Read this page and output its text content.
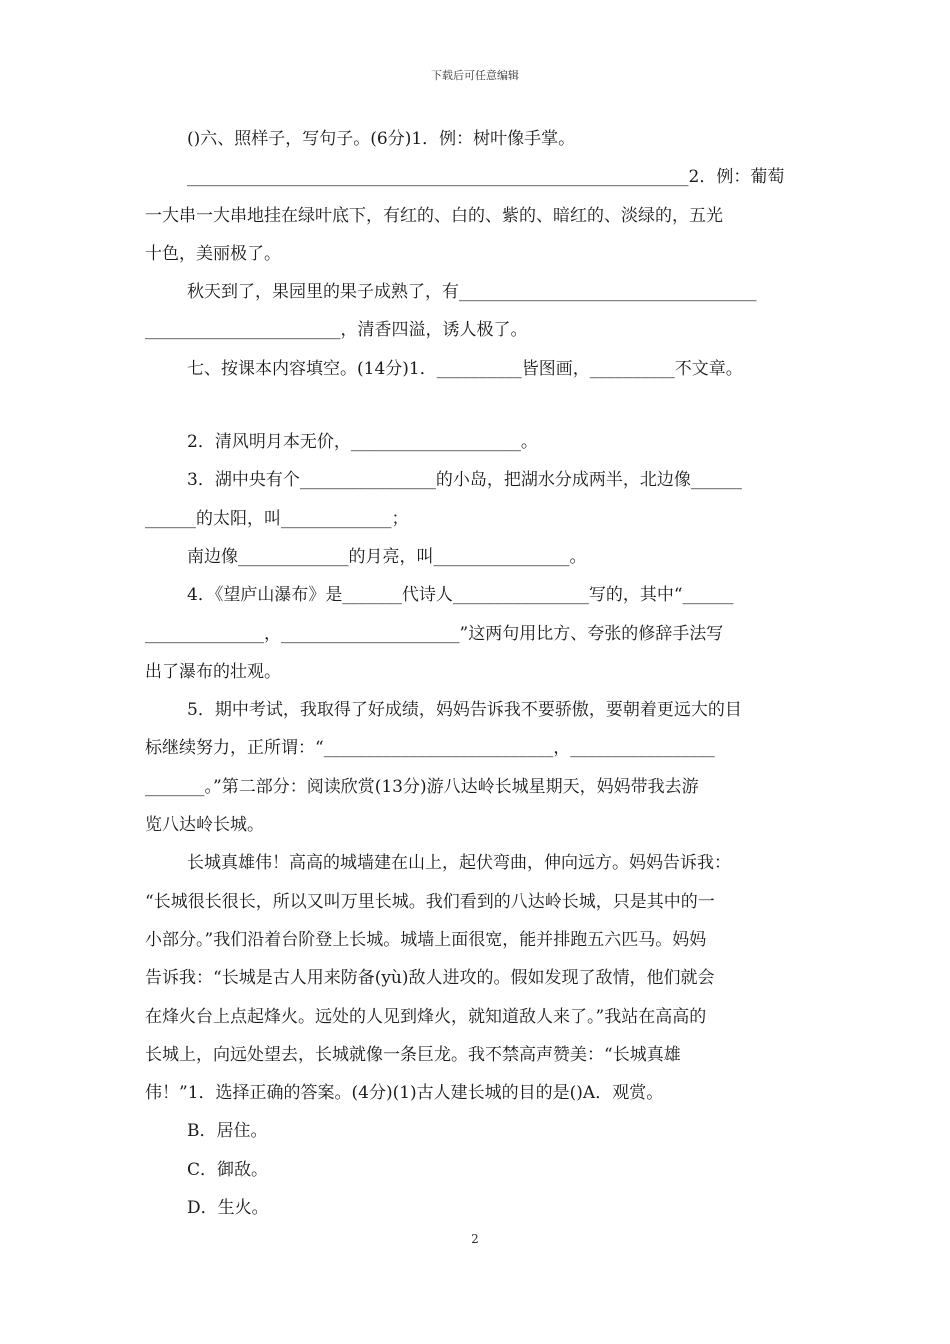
下载后可任意编辑
()六、照样子，写句子。(6分)1．例：树叶像手掌。
___________________________________________________________2．例：葡萄
一大串一大串地挂在绿叶底下，有红的、白的、紫的、暗红的、淡绿的，五光
十色，美丽极了。
秋天到了，果园里的果子成熟了，有___________________________________
_______________________，清香四溢，诱人极了。
七、按课本内容填空。(14分)1．__________皆图画，__________不文章。
2．清风明月本无价，____________________。
3．湖中央有个________________的小岛，把湖水分成两半，北边像______
______的太阳，叫_____________；
南边像_____________的月亮，叫________________。
4．《望庐山瀑布》是_______代诗人________________写的，其中“______
______________，_____________________”这两句用比方、夸张的修辞手法写
出了瀑布的壮观。
5．期中考试，我取得了好成绩，妈妈告诉我不要骄傲，要朝着更远大的目
标继续努力，正所谓：“___________________________，_________________
_______。”第二部分：阅读欣赏(13分)游八达岭长城星期天，妈妈带我去游
览八达岭长城。
长城真雄伟！高高的城墙建在山上，起伏弯曲，伸向远方。妈妈告诉我：
“长城很长很长，所以又叫万里长城。我们看到的八达岭长城，只是其中的一
小部分。”我们沿着台阶登上长城。城墙上面很宽，能并排跑五六匹马。妈妈
告诉我：“长城是古人用来防备(yù)敌人进攻的。假如发现了敌情，他们就会
在烽火台上点起烽火。远处的人见到烽火，就知道敌人来了。”我站在高高的
长城上，向远处望去，长城就像一条巨龙。我不禁高声赞美：“长城真雄
伟！”1．选择正确的答案。(4分)(1)古人建长城的目的是()A．观赏。
B．居住。
C．御敌。
D．生火。
2
